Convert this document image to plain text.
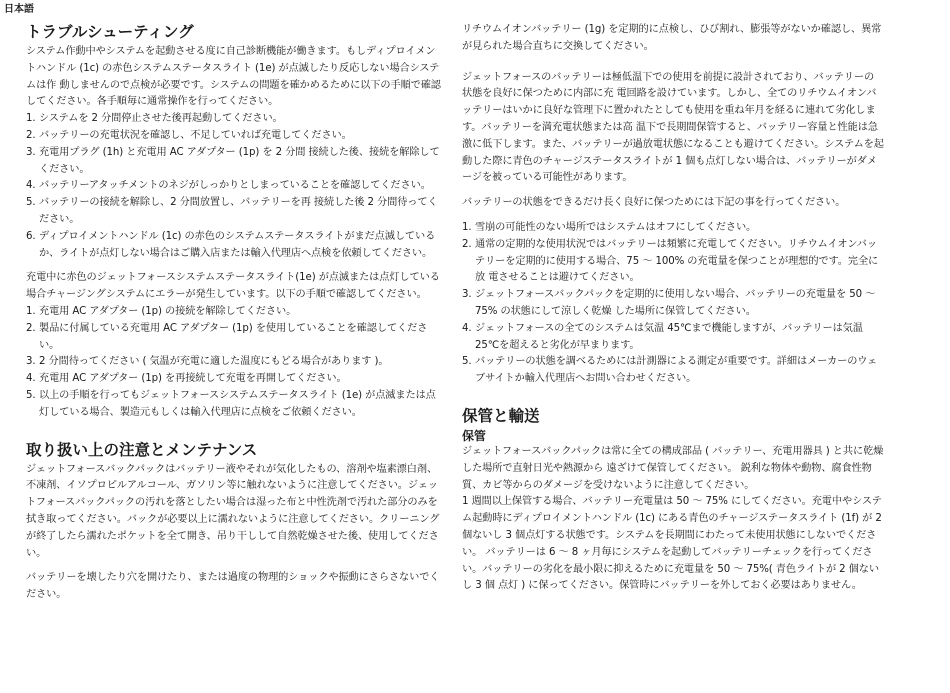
日本語
トラブルシューティング

システム作動中やシステムを起動させる度に自己診断機能が働きます。もしディプロイメントハンドル (1c) の赤色システムステータスライト (1e) が点滅したり反応しない場合システムは作 動しませんので点検が必要です。システムの問題を確かめるために以下の手順で確認してください。各手順毎に通常操作を行ってください。

1. システムを 2 分間停止させた後再起動してください。
2. バッテリーの充電状況を確認し、不足していれば充電してください。
3. 充電用プラグ (1h) と充電用 AC アダプター (1p) を 2 分間 接続した後、接続を解除してください。
4. バッテリーアタッチメントのネジがしっかりとしまっていることを確認してください。
5. バッテリーの接続を解除し、2 分間放置し、バッテリーを再 接続した後 2 分間待ってください。
6. ディプロイメントハンドル (1c) の赤色のシステムステータスライトがまだ点滅しているか、ライトが点灯しない場合はご購入店または輸入代理店へ点検を依頼してください。

充電中に赤色のジェットフォースシステムステータスライト(1e) が点滅または点灯している場合チャージングシステムにエラーが発生しています。以下の手順で確認してください。

1. 充電用 AC アダプター (1p) の接続を解除してください。
2. 製品に付属している充電用 AC アダプター (1p) を使用していることを確認してください。
3. 2 分間待ってください ( 気温が充電に適した温度にもどる場合があります )。
4. 充電用 AC アダプター (1p) を再接続して充電を再開してください。
5. 以上の手順を行ってもジェットフォースシステムステータスライト (1e) が点滅または点灯している場合、製造元もしくは輸入代理店に点検をご依頼ください。
取り扱い上の注意とメンテナンス

ジェットフォースバックパックはバッテリー液やそれが気化したもの、溶剤や塩素漂白剤、不凍剤、イソプロピルアルコール、ガソリン等に触れないように注意してください。ジェットフォースバックパックの汚れを落としたい場合は湿った布と中性洗剤で汚れた部分のみを拭き取ってください。バックが必要以上に濡れないように注意してください。クリーニングが終了したら濡れたポケットを全て開き、吊り干しして自然乾燥させた後、使用してください。

バッテリーを壊したり穴を開けたり、または過度の物理的ショックや振動にさらさないでください。

リチウムイオンバッテリー (1g) を定期的に点検し、ひび割れ、膨張等がないか確認し、異常が見られた場合直ちに交換してください。

ジェットフォースのバッテリーは極低温下での使用を前提に設計されており、バッテリーの状態を良好に保つために内部に充 電回路を設けています。しかし、全てのリチウムイオンバッテリーはいかに良好な管理下に置かれたとしても使用を重ね年月を経るに連れて劣化します。バッテリーを満充電状態または高 温下で長期間保管すると、バッテリー容量と性能は急激に低下します。また、バッテリーが過放電状態になることも避けてください。システムを起動した際に青色のチャージステータスライトが 1 個も点灯しない場合は、バッテリーがダメージを被っている可能性があります。

バッテリーの状態をできるだけ長く良好に保つためには下記の事を行ってください。

1. 雪崩の可能性のない場所ではシステムはオフにしてください。
2. 通常の定期的な使用状況ではバッテリーは頻繁に充電してください。リチウムイオンバッテリーを定期的に使用する場合、75 ～ 100% の充電量を保つことが理想的です。完全に放 電させることは避けてください。
3. ジェットフォースバックパックを定期的に使用しない場合、バッテリーの充電量を 50 ～ 75% の状態にして涼しく乾燥 した場所に保管してください。
4. ジェットフォースの全てのシステムは気温 45℃まで機能しますが、バッテリーは気温 25℃を超えると劣化が早まります。
5. バッテリーの状態を調べるためには計測器による測定が重要です。詳細はメーカーのウェブサイトか輸入代理店へお問い合わせください。
保管と輸送
保管

ジェットフォースバックパックは常に全ての構成部品 ( バッテリー、充電用器具 ) と共に乾燥した場所で直射日光や熱源から 遠ざけて保管してください。 鋭利な物体や動物、腐食性物質、カビ等からのダメージを受けないように注意してください。

1 週間以上保管する場合、バッテリー充電量は 50 ～ 75% にしてください。充電中やシステム起動時にディプロイメントハンドル (1c) にある青色のチャージステータスライト (1f) が 2 個ないし 3 個点灯する状態です。システムを長期間にわたって未使用状態にしないでください。 バッテリーは 6 ～ 8 ヶ月毎にシステムを起動してバッテリーチェックを行ってください。バッテリーの劣化を最小限に抑えるために充電量を 50 ～ 75%( 青色ライトが 2 個ないし 3 個 点灯 ) に保ってください。保管時にバッテリーを外しておく必要はありません。
